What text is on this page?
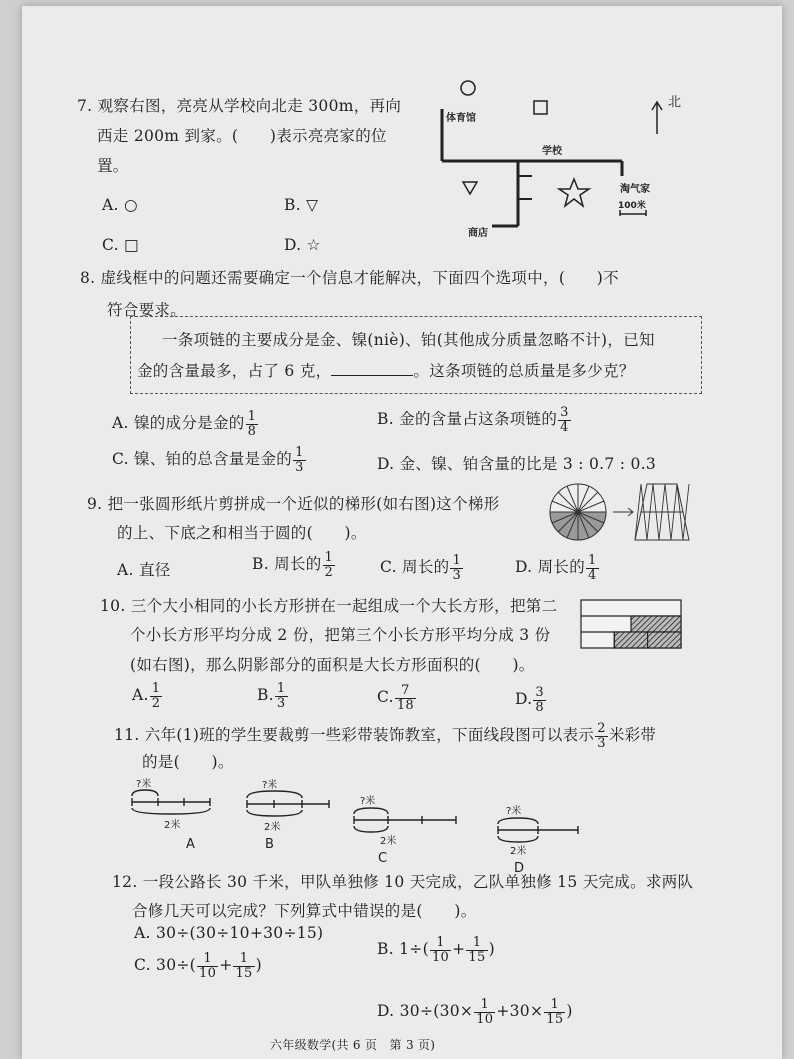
7. 观察右图，亮亮从学校向北走 300m，再向
西走 200m 到家。(　　)表示亮亮家的位
置。
A. ○	B. ▽
C. □	D. ☆
体育馆
学校
淘气家
商店
北
100米
8. 虚线框中的问题还需要确定一个信息才能解决，下面四个选项中，(　　)不
符合要求。
一条项链的主要成分是金、镍(niè)、铂(其他成分质量忽略不计)，已知
金的含量最多，占了 6 克，	。这条项链的总质量是多少克？
A. 镍的成分是金的 $\frac{1}{8}$	B. 金的含量占这条项链的 $\frac{3}{4}$
C. 镍、铂的总含量是金的 $\frac{1}{3}$	D. 金、镍、铂含量的比是 3 : 0.7 : 0.3
9. 把一张圆形纸片剪拼成一个近似的梯形(如右图)这个梯形
的上、下底之和相当于圆的(　　)。
A. 直径	B. 周长的 $\frac{1}{2}$	C. 周长的 $\frac{1}{3}$	D. 周长的 $\frac{1}{4}$
10. 三个大小相同的小长方形拼在一起组成一个大长方形，把第二
个小长方形平均分成 2 份，把第三个小长方形平均分成 3 份
(如右图)，那么阴影部分的面积是大长方形面积的(　　)。
A. $\frac{1}{2}$	B. $\frac{1}{3}$	C. $\frac{7}{18}$	D. $\frac{3}{8}$
11. 六年(1)班的学生要裁剪一些彩带装饰教室，下面线段图可以表示 $\frac{2}{3}$ 米彩带
的是(　　)。
?米
2米
A
?米
2米
B
?米
2米
C
?米
2米
D
12. 一段公路长 30 千米，甲队单独修 10 天完成，乙队单独修 15 天完成。求两队
合修几天可以完成？下列算式中错误的是(　　)。
A. 30÷(30÷10+30÷15)
B. $1\div( \frac{1}{10} + \frac{1}{15}$ )
C. $30\div( \frac{1}{10} + \frac{1}{15}$ )
D. $30\div(30\times \frac{1}{10} +30\times \frac{1}{15}$ )
六年级数学(共 6 页　第 3 页)
